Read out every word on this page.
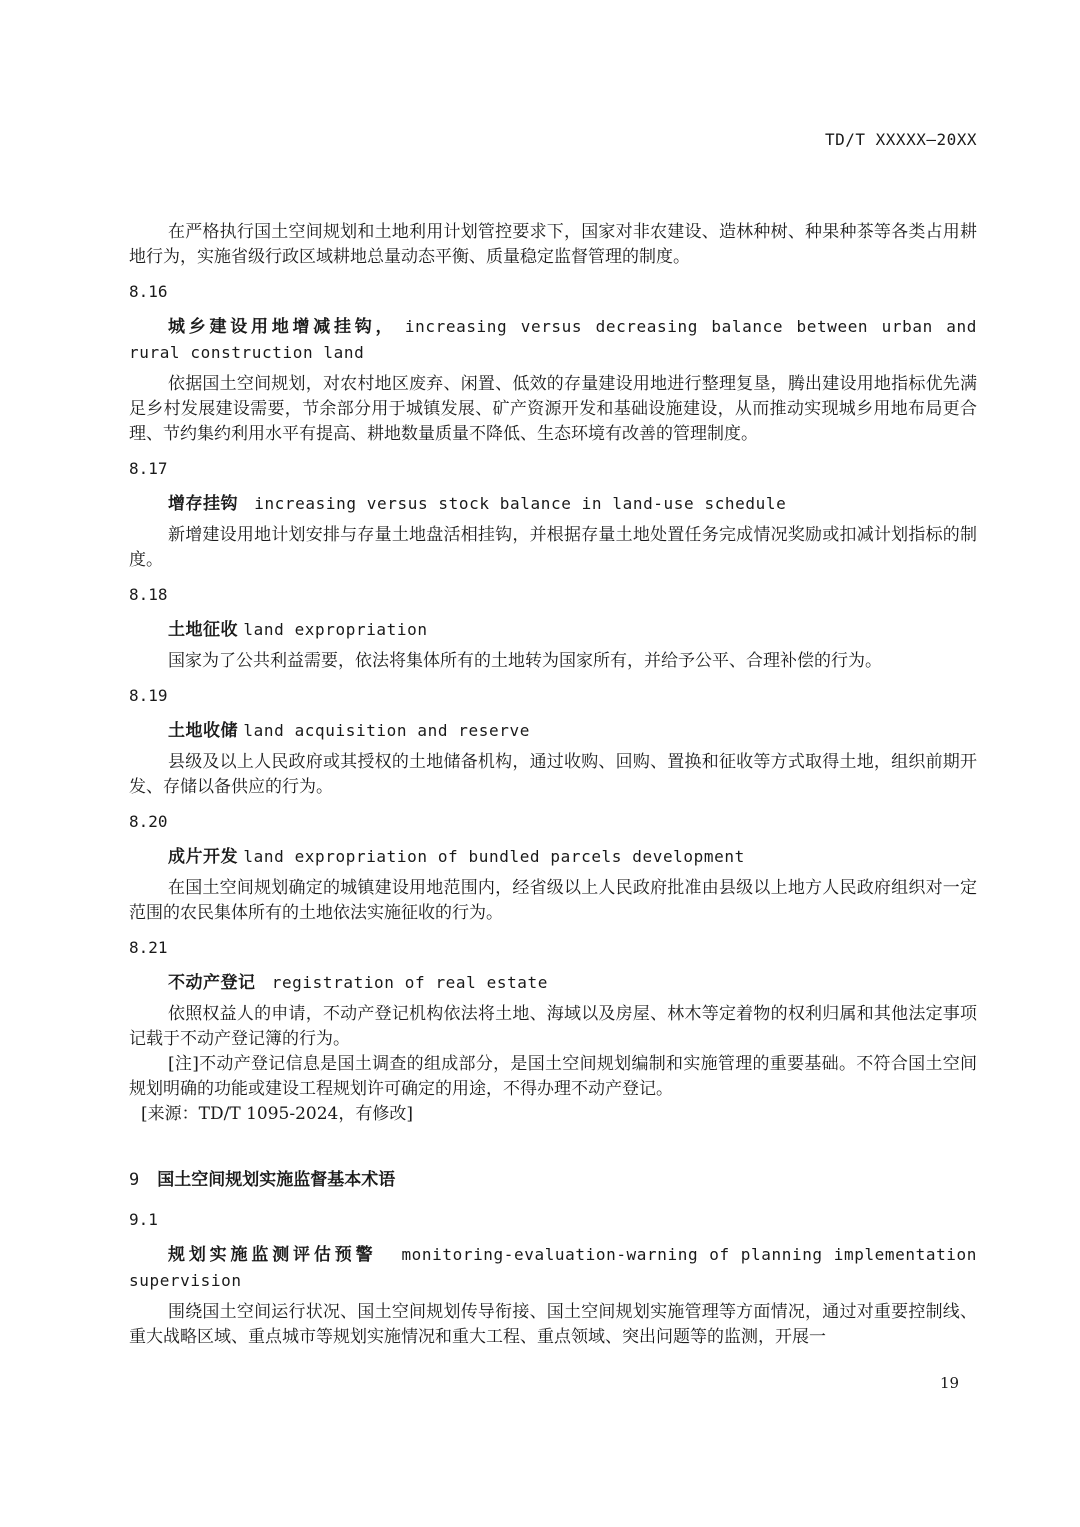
TD/T XXXXX—20XX

在严格执行国土空间规划和土地利用计划管控要求下，国家对非农建设、造林种树、种果种茶等各类占用耕地行为，实施省级行政区域耕地总量动态平衡、质量稳定监督管理的制度。

8.16

城乡建设用地增减挂钩， increasing versus decreasing balance between urban and rural construction land

依据国土空间规划，对农村地区废弃、闲置、低效的存量建设用地进行整理复垦，腾出建设用地指标优先满足乡村发展建设需要，节余部分用于城镇发展、矿产资源开发和基础设施建设，从而推动实现城乡用地布局更合理、节约集约利用水平有提高、耕地数量质量不降低、生态环境有改善的管理制度。

8.17

增存挂钩 increasing versus stock balance in land-use schedule

新增建设用地计划安排与存量土地盘活相挂钩，并根据存量土地处置任务完成情况奖励或扣减计划指标的制度。

8.18

土地征收 land expropriation

国家为了公共利益需要，依法将集体所有的土地转为国家所有，并给予公平、合理补偿的行为。

8.19

土地收储 land acquisition and reserve

县级及以上人民政府或其授权的土地储备机构，通过收购、回购、置换和征收等方式取得土地，组织前期开发、存储以备供应的行为。

8.20

成片开发 land expropriation of bundled parcels development

在国土空间规划确定的城镇建设用地范围内，经省级以上人民政府批准由县级以上地方人民政府组织对一定范围的农民集体所有的土地依法实施征收的行为。

8.21

不动产登记 registration of real estate

依照权益人的申请，不动产登记机构依法将土地、海域以及房屋、林木等定着物的权利归属和其他法定事项记载于不动产登记簿的行为。

[注]不动产登记信息是国土调查的组成部分，是国土空间规划编制和实施管理的重要基础。不符合国土空间规划明确的功能或建设工程规划许可确定的用途，不得办理不动产登记。

[来源：TD/T 1095-2024，有修改]

9 国土空间规划实施监督基本术语
9.1

规划实施监测评估预警 monitoring-evaluation-warning of planning implementation supervision

围绕国土空间运行状况、国土空间规划传导衔接、国土空间规划实施管理等方面情况，通过对重要控制线、重大战略区域、重点城市等规划实施情况和重大工程、重点领域、突出问题等的监测，开展一

19
